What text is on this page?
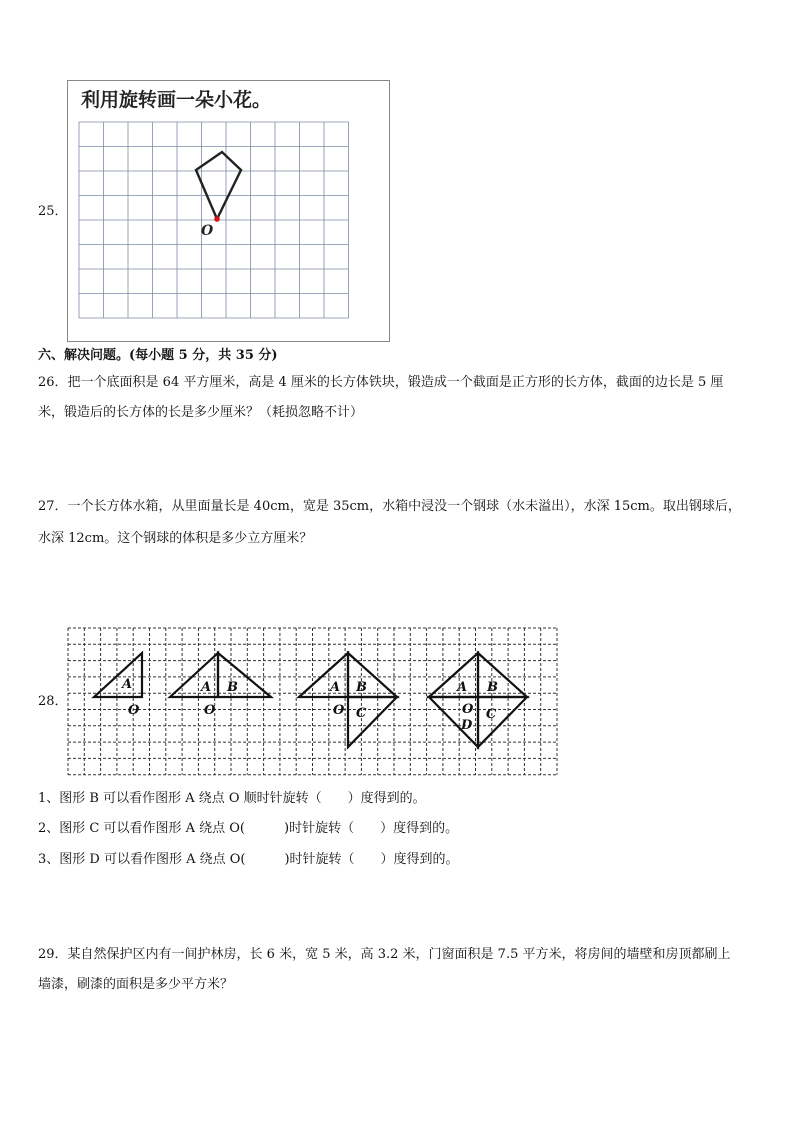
25．
利用旋转画一朵小花。
O
六、解决问题。(每小题 5 分，共 35 分)
26．把一个底面积是 64 平方厘米，高是 4 厘米的长方体铁块，锻造成一个截面是正方形的长方体，截面的边长是 5 厘
米，锻造后的长方体的长是多少厘米？（耗损忽略不计）
27．一个长方体水箱，从里面量长是 40cm，宽是 35cm，水箱中浸没一个钢球（水未溢出），水深 15cm。取出钢球后，
水深 12cm。这个钢球的体积是多少立方厘米？
28．
A
O
A B
O
A B
O C
A B
O C
D
1、图形 B 可以看作图形 A 绕点 O 顺时针旋转（　　）度得到的。
2、图形 C 可以看作图形 A 绕点 O(　　　)时针旋转（　　）度得到的。
3、图形 D 可以看作图形 A 绕点 O(　　　)时针旋转（　　）度得到的。
29．某自然保护区内有一间护林房，长 6 米，宽 5 米，高 3.2 米，门窗面积是 7.5 平方米，将房间的墙壁和房顶都刷上
墙漆，刷漆的面积是多少平方米？
